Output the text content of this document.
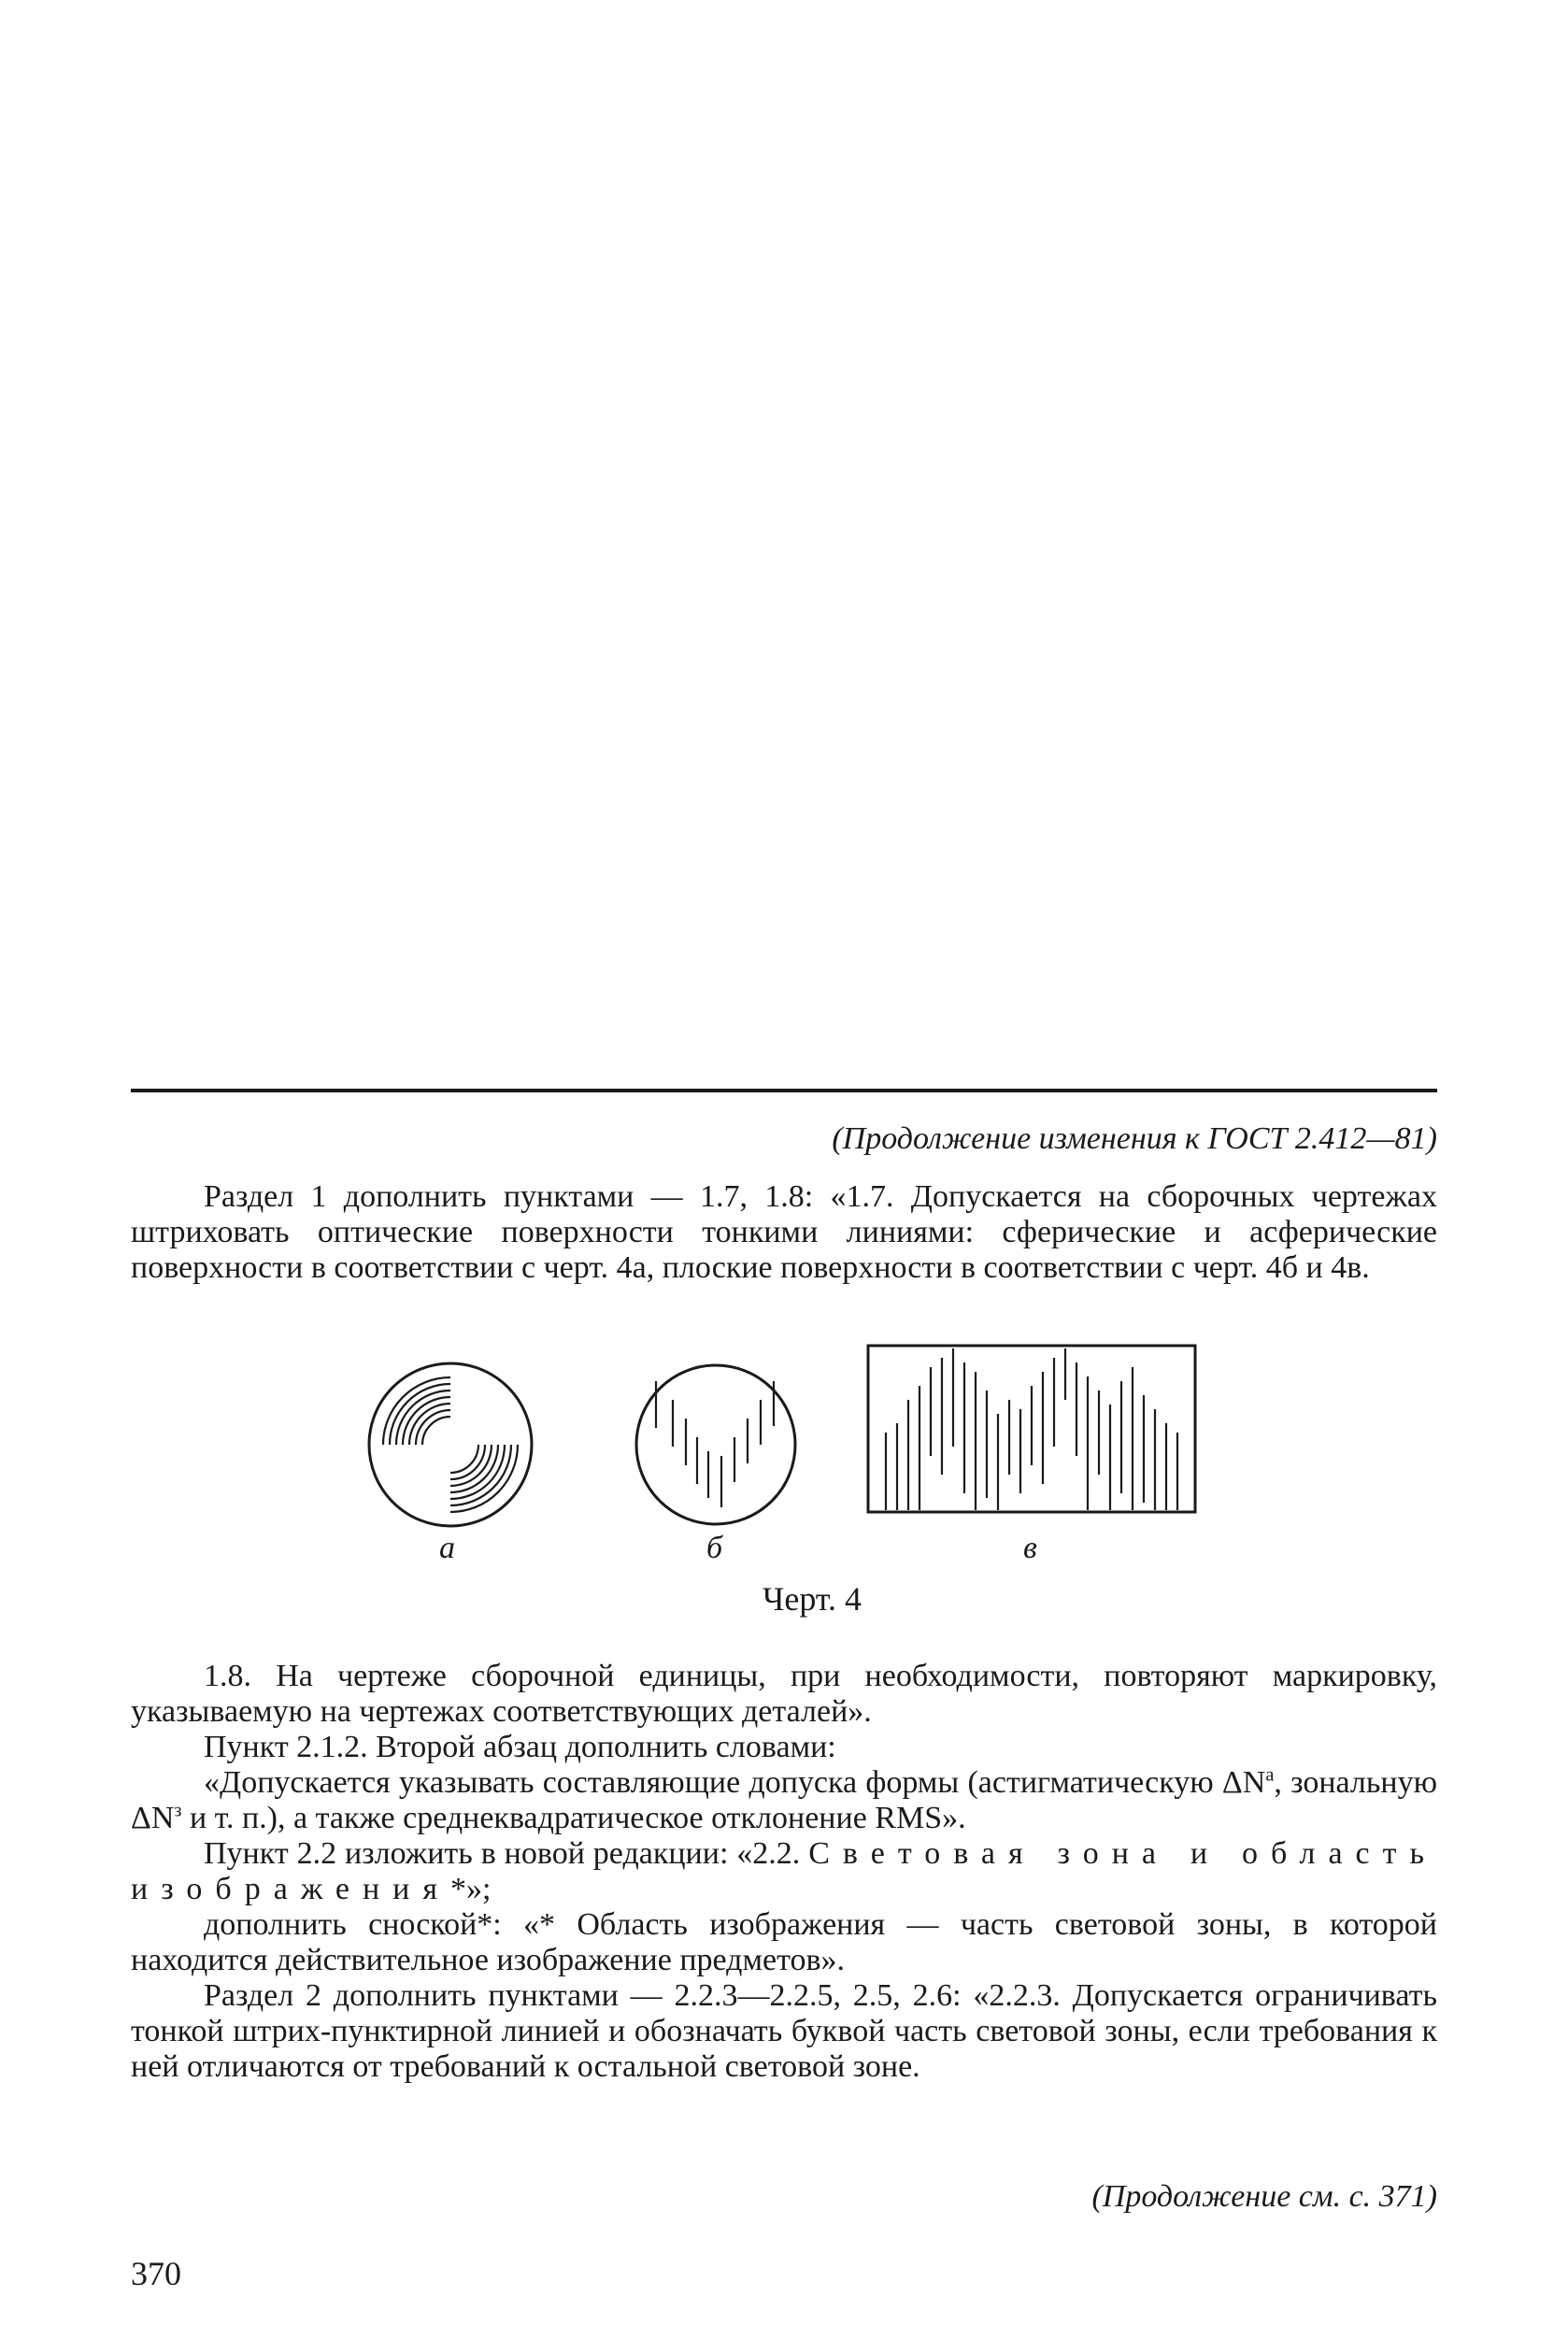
(Продолжение изменения к ГОСТ 2.412—81)

Раздел 1 дополнить пунктами — 1.7, 1.8: «1.7. Допускается на сборочных чертежах штриховать оптические поверхности тонкими линиями: сферические и асферические поверхности в соответствии с черт. 4а, плоские поверхности в соответствии с черт. 4б и 4в.

а	б	в
Черт. 4

1.8. На чертеже сборочной единицы, при необходимости, повторяют маркировку, указываемую на чертежах соответствующих деталей».

Пункт 2.1.2. Второй абзац дополнить словами:

«Допускается указывать составляющие допуска формы (астигматическую $\Delta N^а$, зональную $\Delta N^з$ и т. п.), а также среднеквадратическое отклонение RMS».

Пункт 2.2 изложить в новой редакции: «2.2. Световая зона и область изображения*»;

дополнить сноской*: «* Область изображения — часть световой зоны, в которой находится действительное изображение предметов».

Раздел 2 дополнить пунктами — 2.2.3—2.2.5, 2.5, 2.6: «2.2.3. Допускается ограничивать тонкой штрих-пунктирной линией и обозначать буквой часть световой зоны, если требования к ней отличаются от требований к остальной световой зоне.

(Продолжение см. с. 371)
370
